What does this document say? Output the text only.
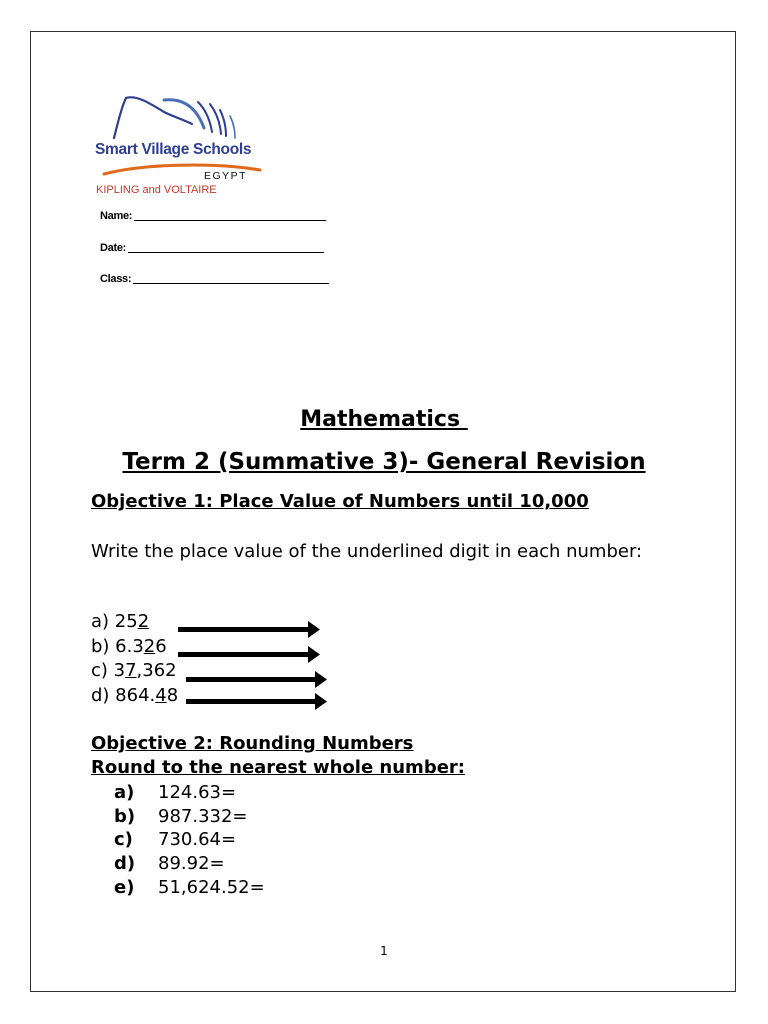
Smart Village Schools
EGYPT
KIPLING and VOLTAIRE
Name:
Date:
Class:
Mathematics
Term 2 (Summative 3)- General Revision
Objective 1: Place Value of Numbers until 10,000
Write the place value of the underlined digit in each number:
a) 252
b) 6.326
c) 37,362
d) 864.48
Objective 2: Rounding Numbers
Round to the nearest whole number:
a) 124.63=
b) 987.332=
c) 730.64=
d) 89.92=
e) 51,624.52=
1
